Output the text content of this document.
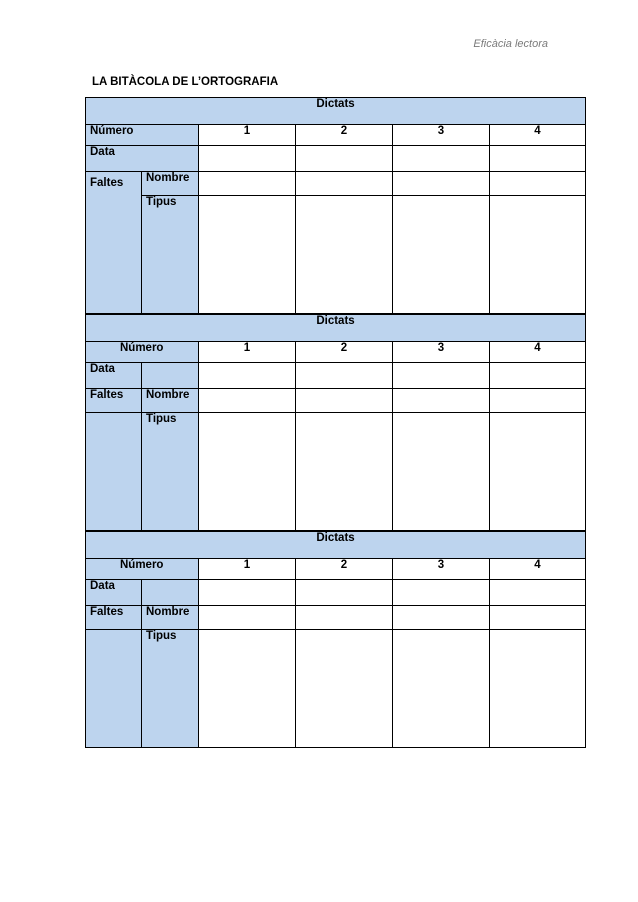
Eficàcia lectora
LA BITÀCOLA DE L’ORTOGRAFIA
Dictats					
Número		1	2	3	4
Data					
Faltes	Nombre				
	Tipus				
Dictats					
Número		1	2	3	4
Data					
Faltes	Nombre				
	Tipus				
Dictats					
Número		1	2	3	4
Data					
Faltes	Nombre				
	Tipus				
